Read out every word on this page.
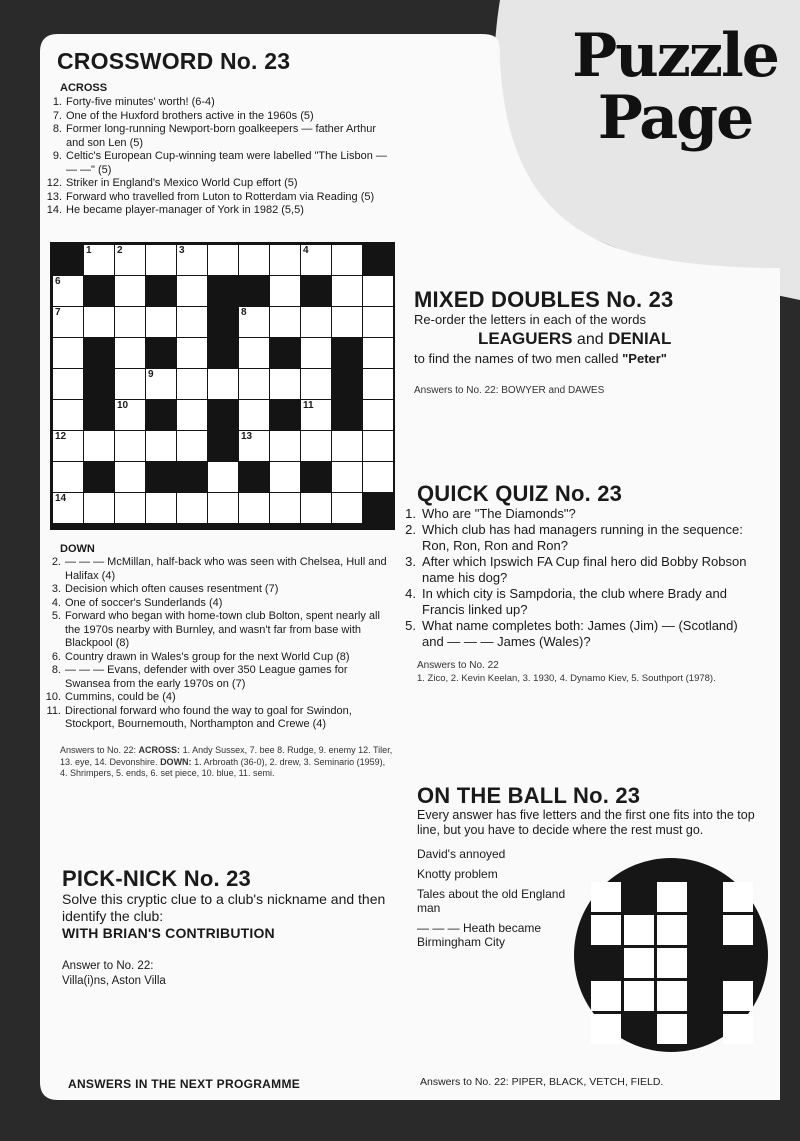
Puzzle
Page
CROSSWORD No. 23
ACROSS
1. Forty-five minutes' worth! (6-4)
7. One of the Huxford brothers active in the 1960s (5)
8. Former long-running Newport-born goalkeepers — father Arthur and son Len (5)
9. Celtic's European Cup-winning team were labelled "The Lisbon — — —" (5)
12. Striker in England's Mexico World Cup effort (5)
13. Forward who travelled from Luton to Rotterdam via Reading (5)
14. He became player-manager of York in 1982 (5,5)
1	2	3	4
6
7	8
9
10	11
12	13
14
DOWN
2. — — — McMillan, half-back who was seen with Chelsea, Hull and Halifax (4)
3. Decision which often causes resentment (7)
4. One of soccer's Sunderlands (4)
5. Forward who began with home-town club Bolton, spent nearly all the 1970s nearby with Burnley, and wasn't far from base with Blackpool (8)
6. Country drawn in Wales's group for the next World Cup (8)
8. — — — Evans, defender with over 350 League games for Swansea from the early 1970s on (7)
10. Cummins, could be (4)
11. Directional forward who found the way to goal for Swindon, Stockport, Bournemouth, Northampton and Crewe (4)
Answers to No. 22: ACROSS: 1. Andy Sussex, 7. bee 8. Rudge, 9. enemy 12. Tiler, 13. eye, 14. Devonshire. DOWN: 1. Arbroath (36-0), 2. drew, 3. Seminario (1959), 4. Shrimpers, 5. ends, 6. set piece, 10. blue, 11. semi.
MIXED DOUBLES No. 23
Re-order the letters in each of the words
LEAGUERS and DENIAL
to find the names of two men called "Peter"
Answers to No. 22: BOWYER and DAWES
QUICK QUIZ No. 23
1. Who are "The Diamonds"?
2. Which club has had managers running in the sequence: Ron, Ron, Ron and Ron?
3. After which Ipswich FA Cup final hero did Bobby Robson name his dog?
4. In which city is Sampdoria, the club where Brady and Francis linked up?
5. What name completes both: James (Jim) — (Scotland) and — — — James (Wales)?
Answers to No. 22
1. Zico, 2. Kevin Keelan, 3. 1930, 4. Dynamo Kiev, 5. Southport (1978).
ON THE BALL No. 23
Every answer has five letters and the first one fits into the top line, but you have to decide where the rest must go.
David's annoyed
Knotty problem
Tales about the old England man
— — — Heath became Birmingham City
Answers to No. 22: PIPER, BLACK, VETCH, FIELD.
PICK-NICK No. 23
Solve this cryptic clue to a club's nickname and then identify the club:
WITH BRIAN'S CONTRIBUTION
Answer to No. 22:
Villa(i)ns, Aston Villa
ANSWERS IN THE NEXT PROGRAMME
